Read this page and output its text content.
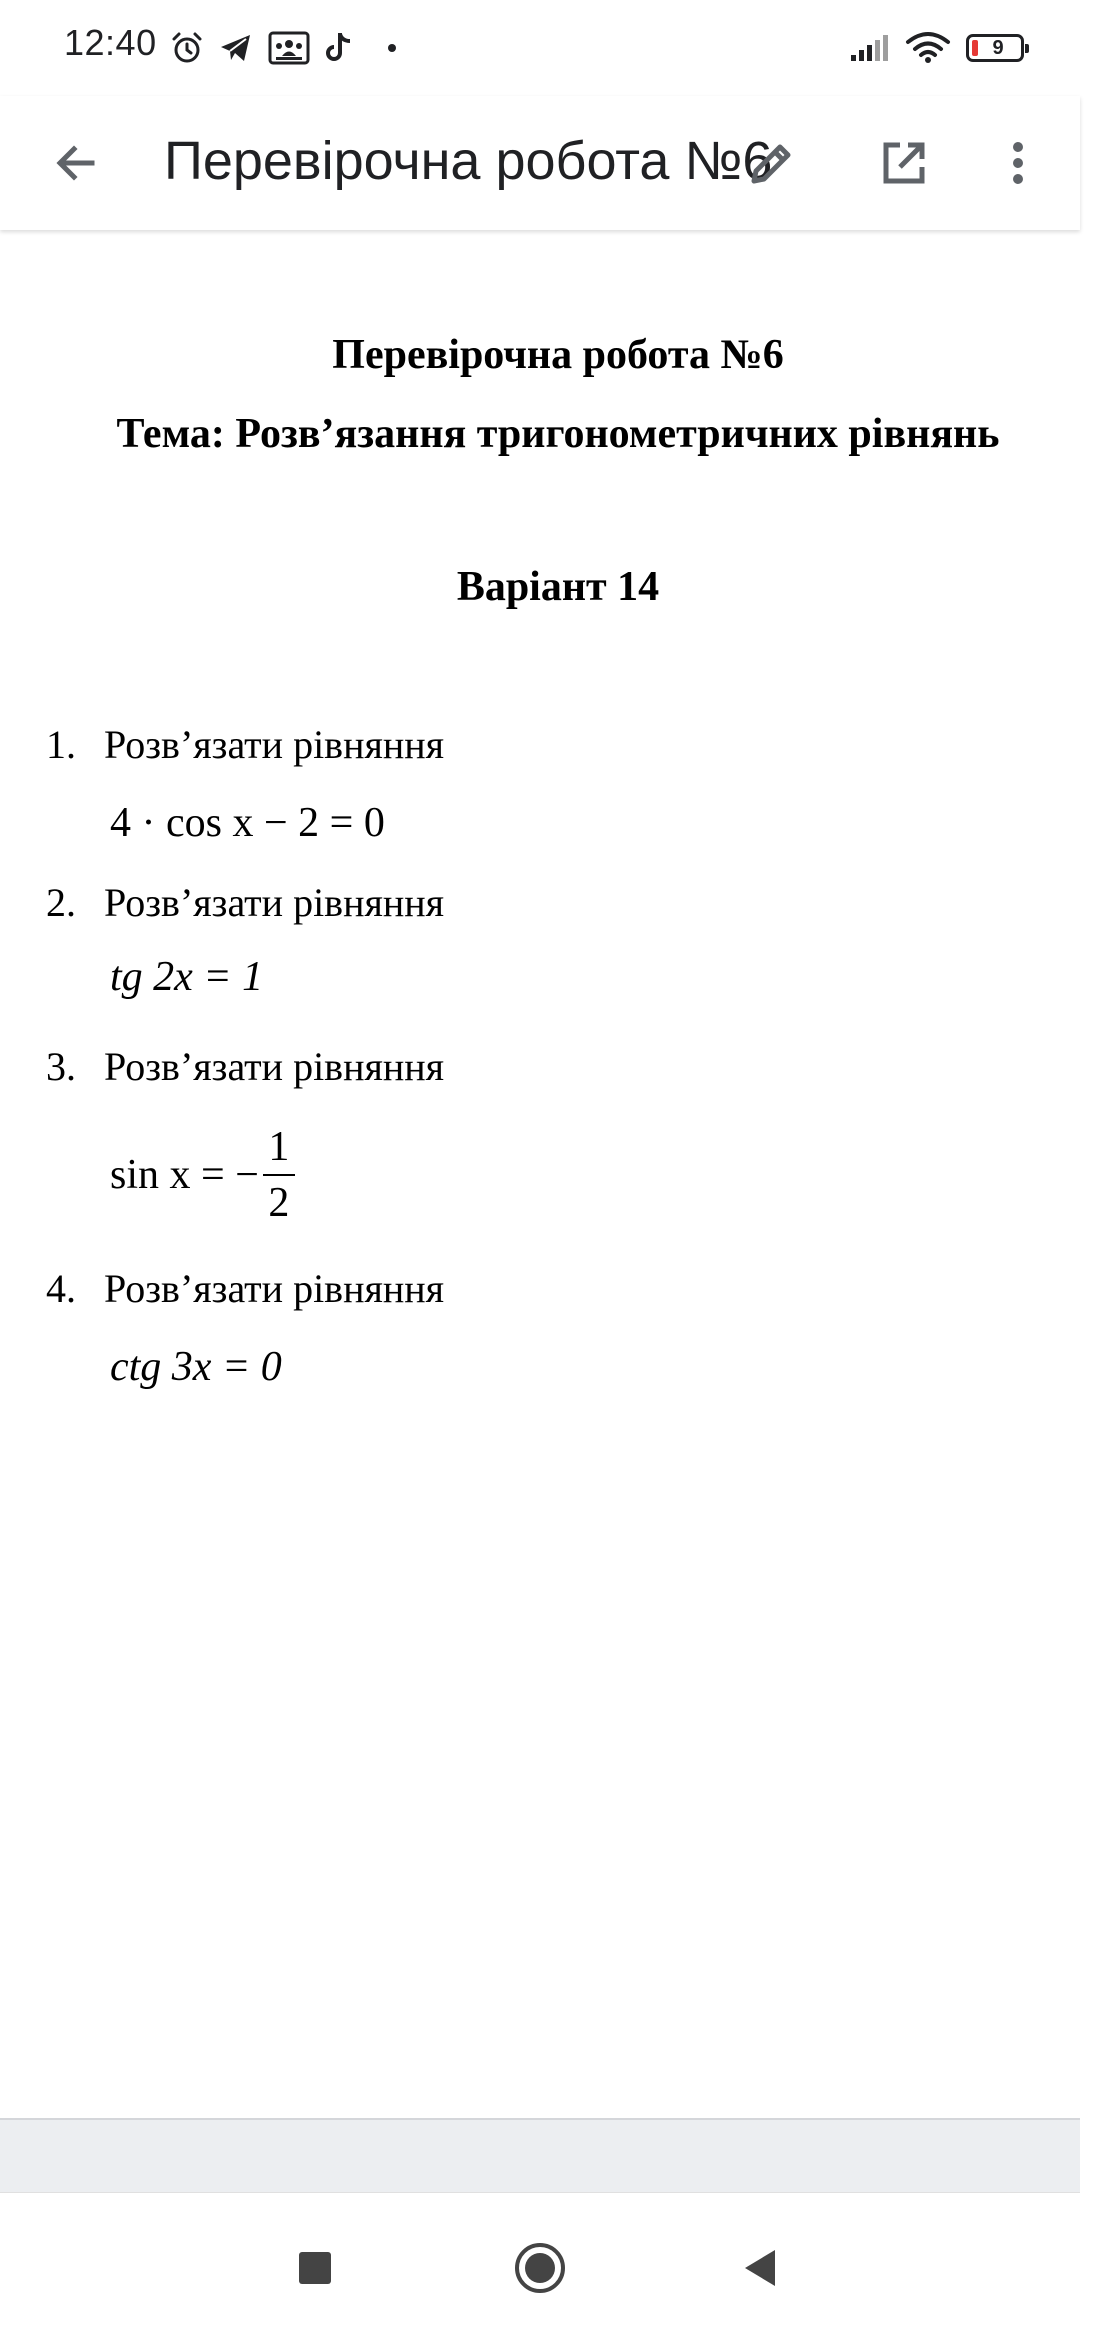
12:40	9
Перевірочна робота №6
Перевірочна робота №6
Тема: Розв’язання тригонометричних рівнянь
Варіант 14
1. Розв’язати рівняння
4 · cos x − 2 = 0
2. Розв’язати рівняння
tg 2x = 1
3. Розв’язати рівняння
sin x = − $\frac{1}{2}$
4. Розв’язати рівняння
ctg 3x = 0
